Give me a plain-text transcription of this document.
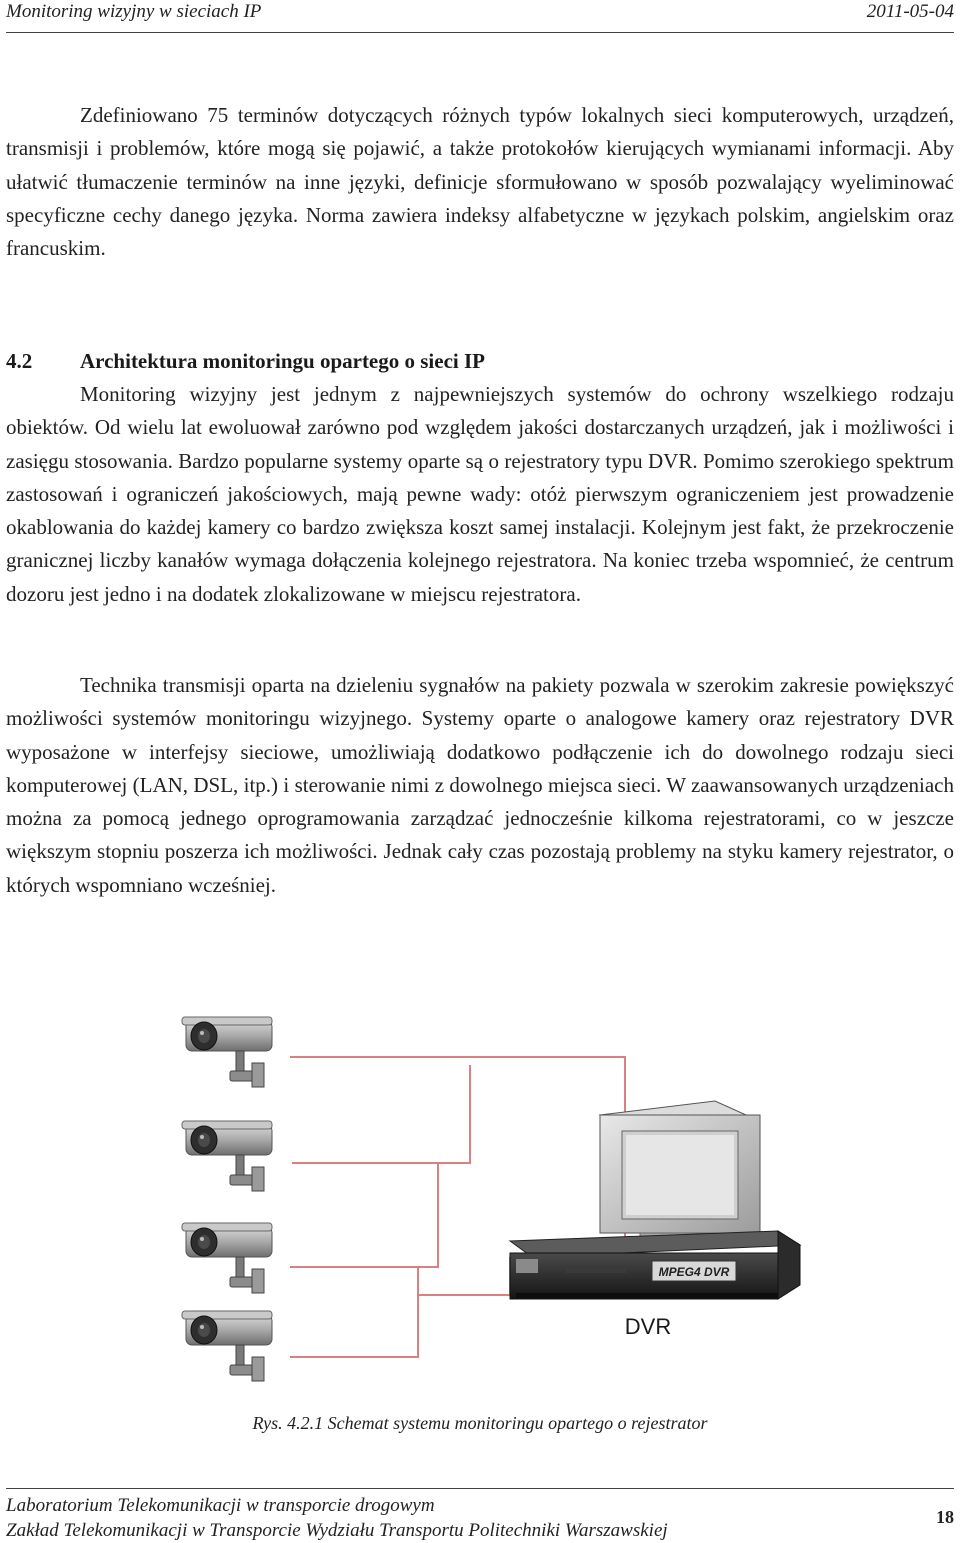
Monitoring wizyjny w sieciach IP	2011-05-04

Zdefiniowano 75 terminów dotyczących różnych typów lokalnych sieci komputerowych, urządzeń, transmisji i problemów, które mogą się pojawić, a także protokołów kierujących wymianami informacji. Aby ułatwić tłumaczenie terminów na inne języki, definicje sformułowano w sposób pozwalający wyeliminować specyficzne cechy danego języka. Norma zawiera indeksy alfabetyczne w językach polskim, angielskim oraz francuskim.

4.2 Architektura monitoringu opartego o sieci IP

Monitoring wizyjny jest jednym z najpewniejszych systemów do ochrony wszelkiego rodzaju obiektów. Od wielu lat ewoluował zarówno pod względem jakości dostarczanych urządzeń, jak i możliwości i zasięgu stosowania. Bardzo popularne systemy oparte są o rejestratory typu DVR. Pomimo szerokiego spektrum zastosowań i ograniczeń jakościowych, mają pewne wady: otóż pierwszym ograniczeniem jest prowadzenie okablowania do każdej kamery co bardzo zwiększa koszt samej instalacji. Kolejnym jest fakt, że przekroczenie granicznej liczby kanałów wymaga dołączenia kolejnego rejestratora. Na koniec trzeba wspomnieć, że centrum dozoru jest jedno i na dodatek zlokalizowane w miejscu rejestratora.

Technika transmisji oparta na dzieleniu sygnałów na pakiety pozwala w szerokim zakresie powiększyć możliwości systemów monitoringu wizyjnego. Systemy oparte o analogowe kamery oraz rejestratory DVR wyposażone w interfejsy sieciowe, umożliwiają dodatkowo podłączenie ich do dowolnego rodzaju sieci komputerowej (LAN, DSL, itp.) i sterowanie nimi z dowolnego miejsca sieci. W zaawansowanych urządzeniach można za pomocą jednego oprogramowania zarządzać jednocześnie kilkoma rejestratorami, co w jeszcze większym stopniu poszerza ich możliwości. Jednak cały czas pozostają problemy na styku kamery rejestrator, o których wspomniano wcześniej.

MPEG4 DVR
DVR
Rys. 4.2.1 Schemat systemu monitoringu opartego o rejestrator
Laboratorium Telekomunikacji w transporcie drogowym
Zakład Telekomunikacji w Transporcie Wydziału Transportu Politechniki Warszawskiej
18
